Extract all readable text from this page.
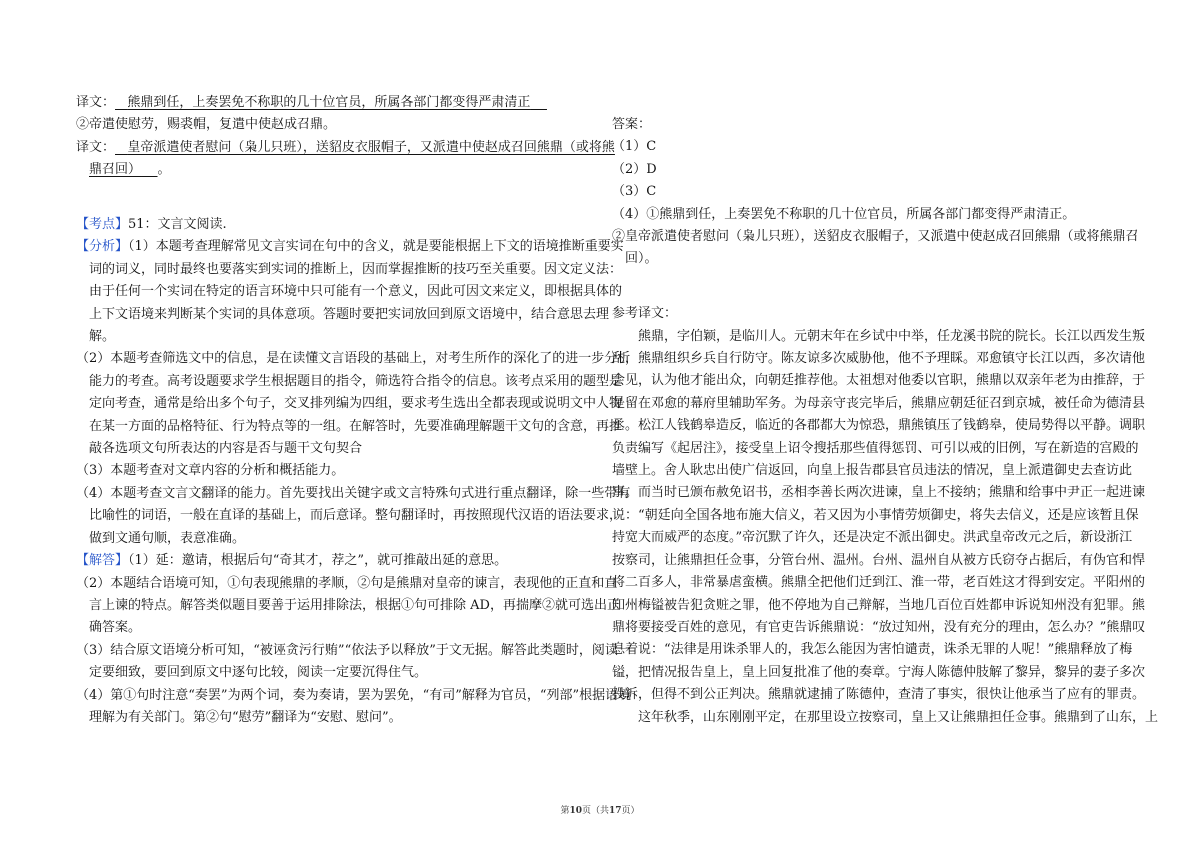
译文： 熊鼎到任，上奏罢免不称职的几十位官员，所属各部门都变得严肃清正
②帝遣使慰劳，赐裘帽，复遣中使赵成召鼎。
译文： 皇帝派遣使者慰问（枭儿只班），送貂皮衣服帽子，又派遣中使赵成召回熊鼎（或将熊
鼎召回） 。
【考点】51：文言文阅读.
【分析】（1）本题考查理解常见文言实词在句中的含义，就是要能根据上下文的语境推断重要实
词的词义，同时最终也要落实到实词的推断上，因而掌握推断的技巧至关重要。因文定义法：
由于任何一个实词在特定的语言环境中只可能有一个意义，因此可因文来定义，即根据具体的
上下文语境来判断某个实词的具体意项。答题时要把实词放回到原文语境中，结合意思去理
解。
（2）本题考查筛选文中的信息，是在读懂文言语段的基础上，对考生所作的深化了的进一步分析
能力的考查。高考设题要求学生根据题目的指令，筛选符合指令的信息。该考点采用的题型是
定向考查，通常是给出多个句子，交叉排列编为四组，要求考生选出全都表现或说明文中人物
在某一方面的品格特征、行为特点等的一组。在解答时，先要准确理解题干文句的含意，再推
敲各选项文句所表达的内容是否与题干文句契合
（3）本题考查对文章内容的分析和概括能力。
（4）本题考查文言文翻译的能力。首先要找出关键字或文言特殊句式进行重点翻译，除一些带有
比喻性的词语，一般在直译的基础上，而后意译。整句翻译时，再按照现代汉语的语法要求，
做到文通句顺，表意准确。
【解答】（1）延：邀请，根据后句“奇其才，荐之”，就可推敲出延的意思。
（2）本题结合语境可知，①句表现熊鼎的孝顺，②句是熊鼎对皇帝的谏言，表现他的正直和直
言上谏的特点。解答类似题目要善于运用排除法，根据①句可排除 AD，再揣摩②就可选出正
确答案。
（3）结合原文语境分析可知，“被诬贪污行贿”“依法予以释放”于文无据。解答此类题时，阅读一
定要细致，要回到原文中逐句比较，阅读一定要沉得住气。
（4）第①句时注意“奏罢”为两个词，奏为奏请，罢为罢免，“有司”解释为官员，“列部”根据语境
理解为有关部门。第②句“慰劳”翻译为“安慰、慰问”。
答案：
（1）C
（2）D
（3）C
（4）①熊鼎到任，上奏罢免不称职的几十位官员，所属各部门都变得严肃清正。
②皇帝派遣使者慰问（枭儿只班），送貂皮衣服帽子，又派遣中使赵成召回熊鼎（或将熊鼎召
回）。
参考译文：
熊鼎，字伯颖，是临川人。元朝末年在乡试中中举，任龙溪书院的院长。长江以西发生叛
乱，熊鼎组织乡兵自行防守。陈友谅多次威胁他，他不予理睬。邓愈镇守长江以西，多次请他
会见，认为他才能出众，向朝廷推荐他。太祖想对他委以官职，熊鼎以双亲年老为由推辞，于
是留在邓愈的幕府里辅助军务。为母亲守丧完毕后，熊鼎应朝廷征召到京城，被任命为德清县
丞。松江人钱鹤皋造反，临近的各郡都大为惊恐，鼎熊镇压了钱鹤皋，使局势得以平静。调职
负责编写《起居注》，接受皇上诏令搜括那些值得惩罚、可引以戒的旧例，写在新造的宫殿的
墙壁上。舍人耿忠出使广信返回，向皇上报告郡县官员违法的情况，皇上派遣御史去查访此
事。而当时已颁布赦免诏书，丞相李善长两次进谏，皇上不接纳；熊鼎和给事中尹正一起进谏
说：“朝廷向全国各地布施大信义，若又因为小事情劳烦御史，将失去信义，还是应该暂且保
持宽大而威严的态度。”帝沉默了许久，还是决定不派出御史。洪武皇帝改元之后，新设浙江
按察司，让熊鼎担任佥事，分管台州、温州。台州、温州自从被方氏窃夺占据后，有伪官和悍
将二百多人，非常暴虐蛮横。熊鼎全把他们迁到江、淮一带，老百姓这才得到安定。平阳州的
知州梅镒被告犯贪赃之罪，他不停地为自己辩解，当地几百位百姓都申诉说知州没有犯罪。熊
鼎将要接受百姓的意见，有官吏告诉熊鼎说：“放过知州，没有充分的理由，怎么办？”熊鼎叹
息着说：“法律是用诛杀罪人的，我怎么能因为害怕谴责，诛杀无罪的人呢！”熊鼎释放了梅
镒，把情况报告皇上，皇上回复批准了他的奏章。宁海人陈德仲肢解了黎异，黎异的妻子多次
投诉，但得不到公正判决。熊鼎就逮捕了陈德仲，查清了事实，很快让他承当了应有的罪责。
这年秋季，山东刚刚平定，在那里设立按察司，皇上又让熊鼎担任佥事。熊鼎到了山东，上
第10页（共17页）
